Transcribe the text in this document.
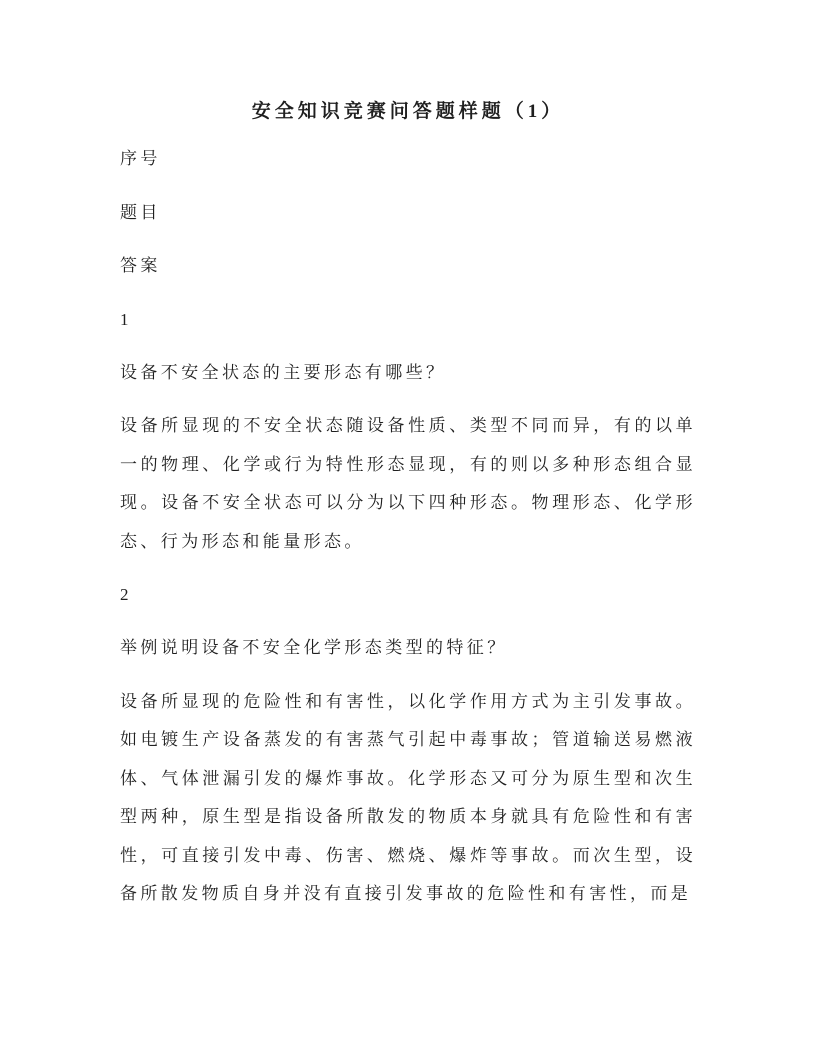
安全知识竞赛问答题样题（1）

序号

题目

答案

1

设备不安全状态的主要形态有哪些？

设备所显现的不安全状态随设备性质、类型不同而异，有的以单一的物理、化学或行为特性形态显现，有的则以多种形态组合显现。设备不安全状态可以分为以下四种形态。物理形态、化学形态、行为形态和能量形态。

2

举例说明设备不安全化学形态类型的特征？

设备所显现的危险性和有害性，以化学作用方式为主引发事故。如电镀生产设备蒸发的有害蒸气引起中毒事故；管道输送易燃液体、气体泄漏引发的爆炸事故。化学形态又可分为原生型和次生型两种，原生型是指设备所散发的物质本身就具有危险性和有害性，可直接引发中毒、伤害、燃烧、爆炸等事故。而次生型，设备所散发物质自身并没有直接引发事故的危险性和有害性，而是
